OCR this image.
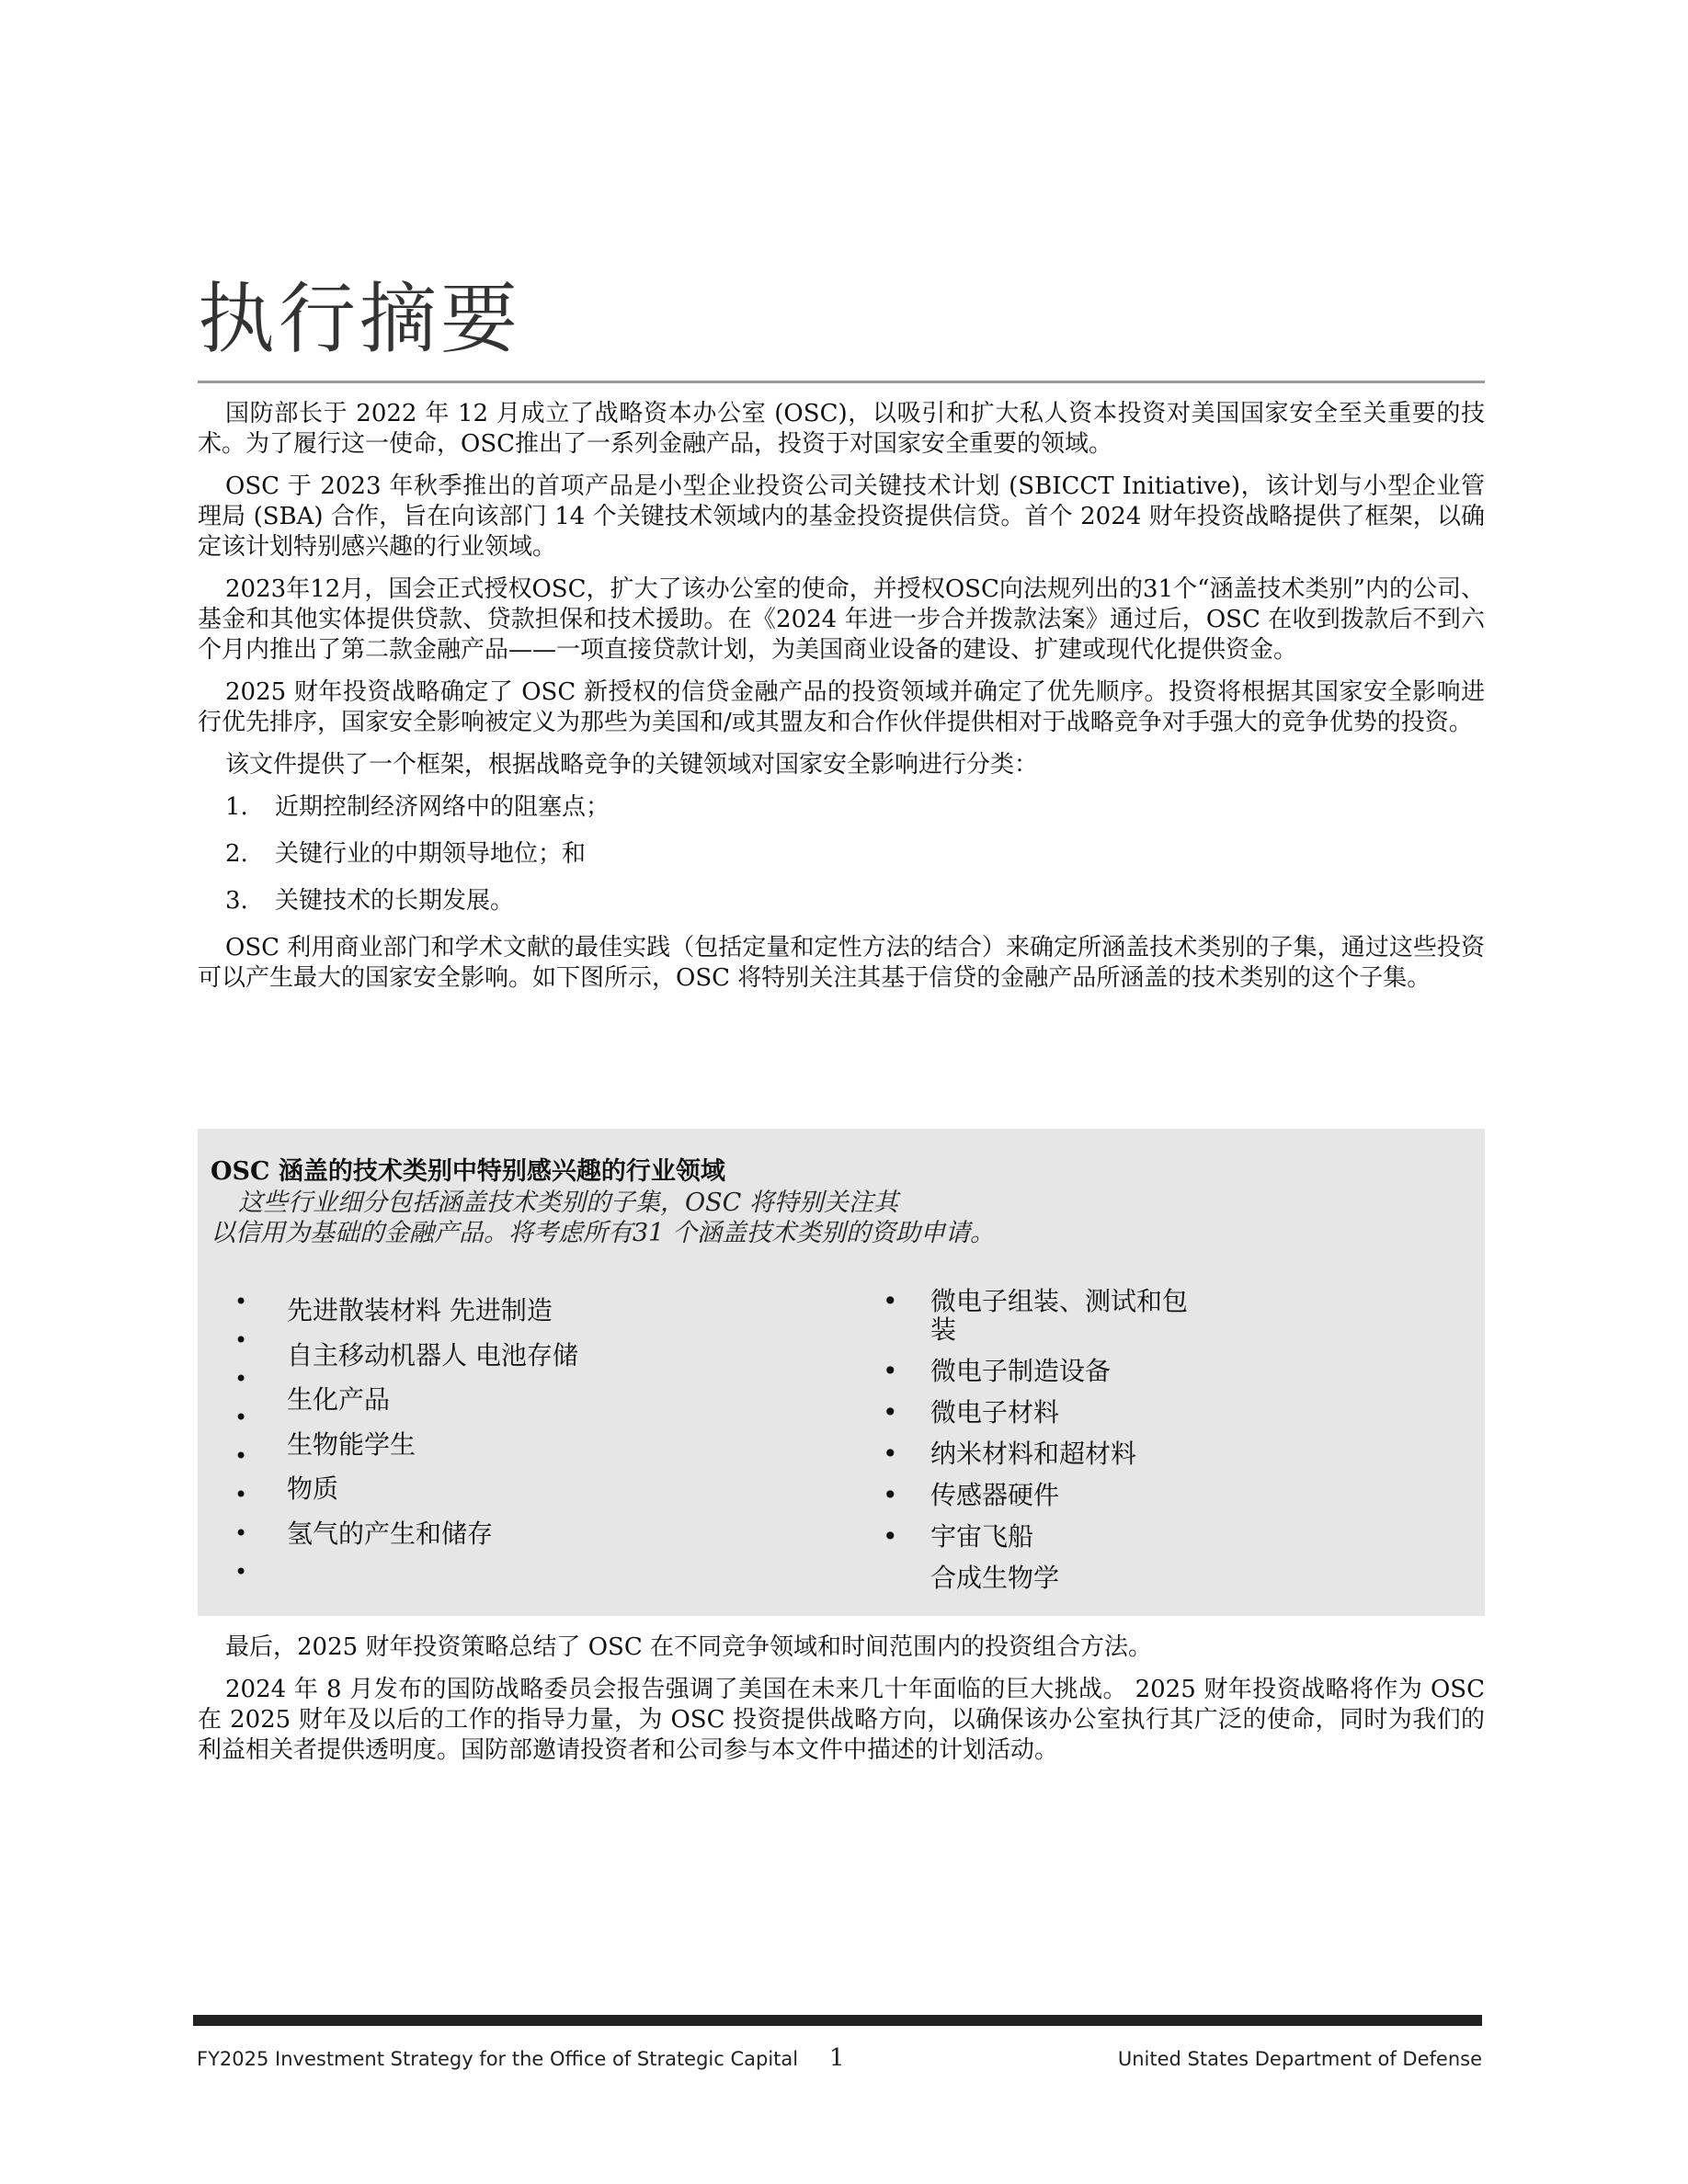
执行摘要

国防部长于 2022 年 12 月成立了战略资本办公室 (OSC)，以吸引和扩大私人资本投资对美国国家安全至关重要的技术。为了履行这一使命，OSC推出了一系列金融产品，投资于对国家安全重要的领域。

OSC 于 2023 年秋季推出的首项产品是小型企业投资公司关键技术计划 (SBICCT Initiative)，该计划与小型企业管理局 (SBA) 合作，旨在向该部门 14 个关键技术领域内的基金投资提供信贷。首个 2024 财年投资战略提供了框架，以确定该计划特别感兴趣的行业领域。

2023年12月，国会正式授权OSC，扩大了该办公室的使命，并授权OSC向法规列出的31个“涵盖技术类别”内的公司、基金和其他实体提供贷款、贷款担保和技术援助。在《2024 年进一步合并拨款法案》通过后，OSC 在收到拨款后不到六个月内推出了第二款金融产品——一项直接贷款计划，为美国商业设备的建设、扩建或现代化提供资金。

2025 财年投资战略确定了 OSC 新授权的信贷金融产品的投资领域并确定了优先顺序。投资将根据其国家安全影响进行优先排序，国家安全影响被定义为那些为美国和/或其盟友和合作伙伴提供相对于战略竞争对手强大的竞争优势的投资。

该文件提供了一个框架，根据战略竞争的关键领域对国家安全影响进行分类：

1.	近期控制经济网络中的阻塞点；
2.	关键行业的中期领导地位；和
3.	关键技术的长期发展。

OSC 利用商业部门和学术文献的最佳实践（包括定量和定性方法的结合）来确定所涵盖技术类别的子集，通过这些投资可以产生最大的国家安全影响。如下图所示，OSC 将特别关注其基于信贷的金融产品所涵盖的技术类别的这个子集。

OSC 涵盖的技术类别中特别感兴趣的行业领域
这些行业细分包括涵盖技术类别的子集，OSC 将特别关注其
以信用为基础的金融产品。将考虑所有31 个涵盖技术类别的资助申请。
•
•
•
•
•
•
•
•
先进散装材料 先进制造
自主移动机器人 电池存储
生化产品
生物能学生
物质
氢气的产生和储存
•	微电子组装、测试和包装
•	微电子制造设备
•	微电子材料
•	纳米材料和超材料
•	传感器硬件
•	宇宙飞船
合成生物学

最后，2025 财年投资策略总结了 OSC 在不同竞争领域和时间范围内的投资组合方法。

2024 年 8 月发布的国防战略委员会报告强调了美国在未来几十年面临的巨大挑战。 2025 财年投资战略将作为 OSC 在 2025 财年及以后的工作的指导力量，为 OSC 投资提供战略方向，以确保该办公室执行其广泛的使命，同时为我们的利益相关者提供透明度。国防部邀请投资者和公司参与本文件中描述的计划活动。

FY2025 Investment Strategy for the Office of Strategic Capital 1	United States Department of Defense
